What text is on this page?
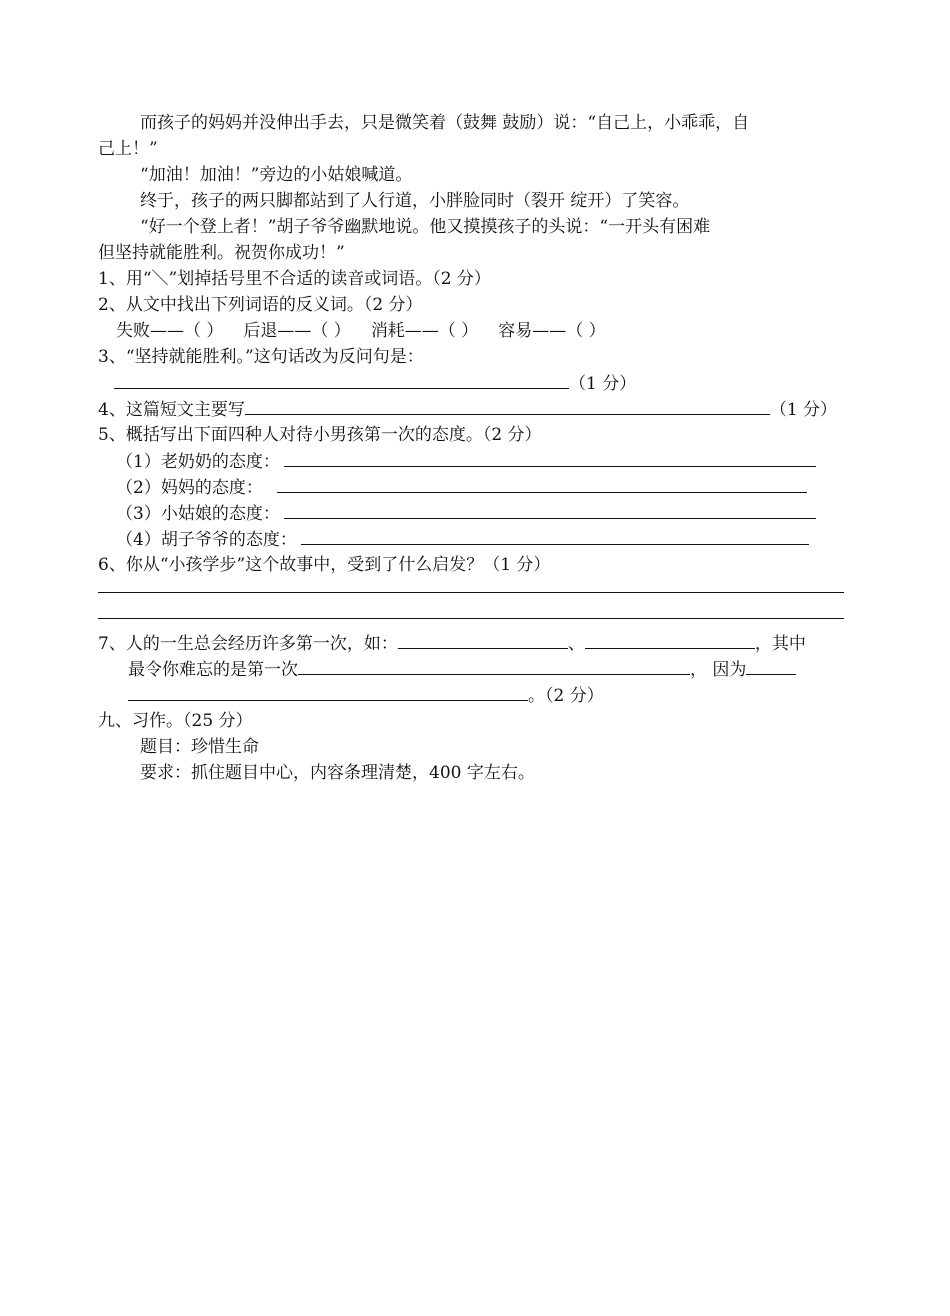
而孩子的妈妈并没伸出手去，只是微笑着（鼓舞 鼓励）说：“自己上，小乖乖，自
己上！”
“加油！加油！”旁边的小姑娘喊道。
终于，孩子的两只脚都站到了人行道，小胖脸同时（裂开 绽开）了笑容。
“好一个登上者！”胡子爷爷幽默地说。他又摸摸孩子的头说：“一开头有困难
但坚持就能胜利。祝贺你成功！”
1、用“＼”划掉括号里不合适的读音或词语。（2 分）
2、从文中找出下列词语的反义词。（2 分）
失败——（ ） 后退——（ ） 消耗——（ ） 容易——（ ）
3、“坚持就能胜利。”这句话改为反问句是：
（1 分）
4、这篇短文主要写	（1 分）
5、概括写出下面四种人对待小男孩第一次的态度。（2 分）
（1）老奶奶的态度：
（2）妈妈的态度：
（3）小姑娘的态度：
（4）胡子爷爷的态度：
6、你从“小孩学步”这个故事中，受到了什么启发？（1 分）
7、人的一生总会经历许多第一次，如：	、	，其中
最令你难忘的是第一次	， 因为
。（2 分）
九、习作。（25 分）
题目：珍惜生命
要求：抓住题目中心，内容条理清楚，400 字左右。
